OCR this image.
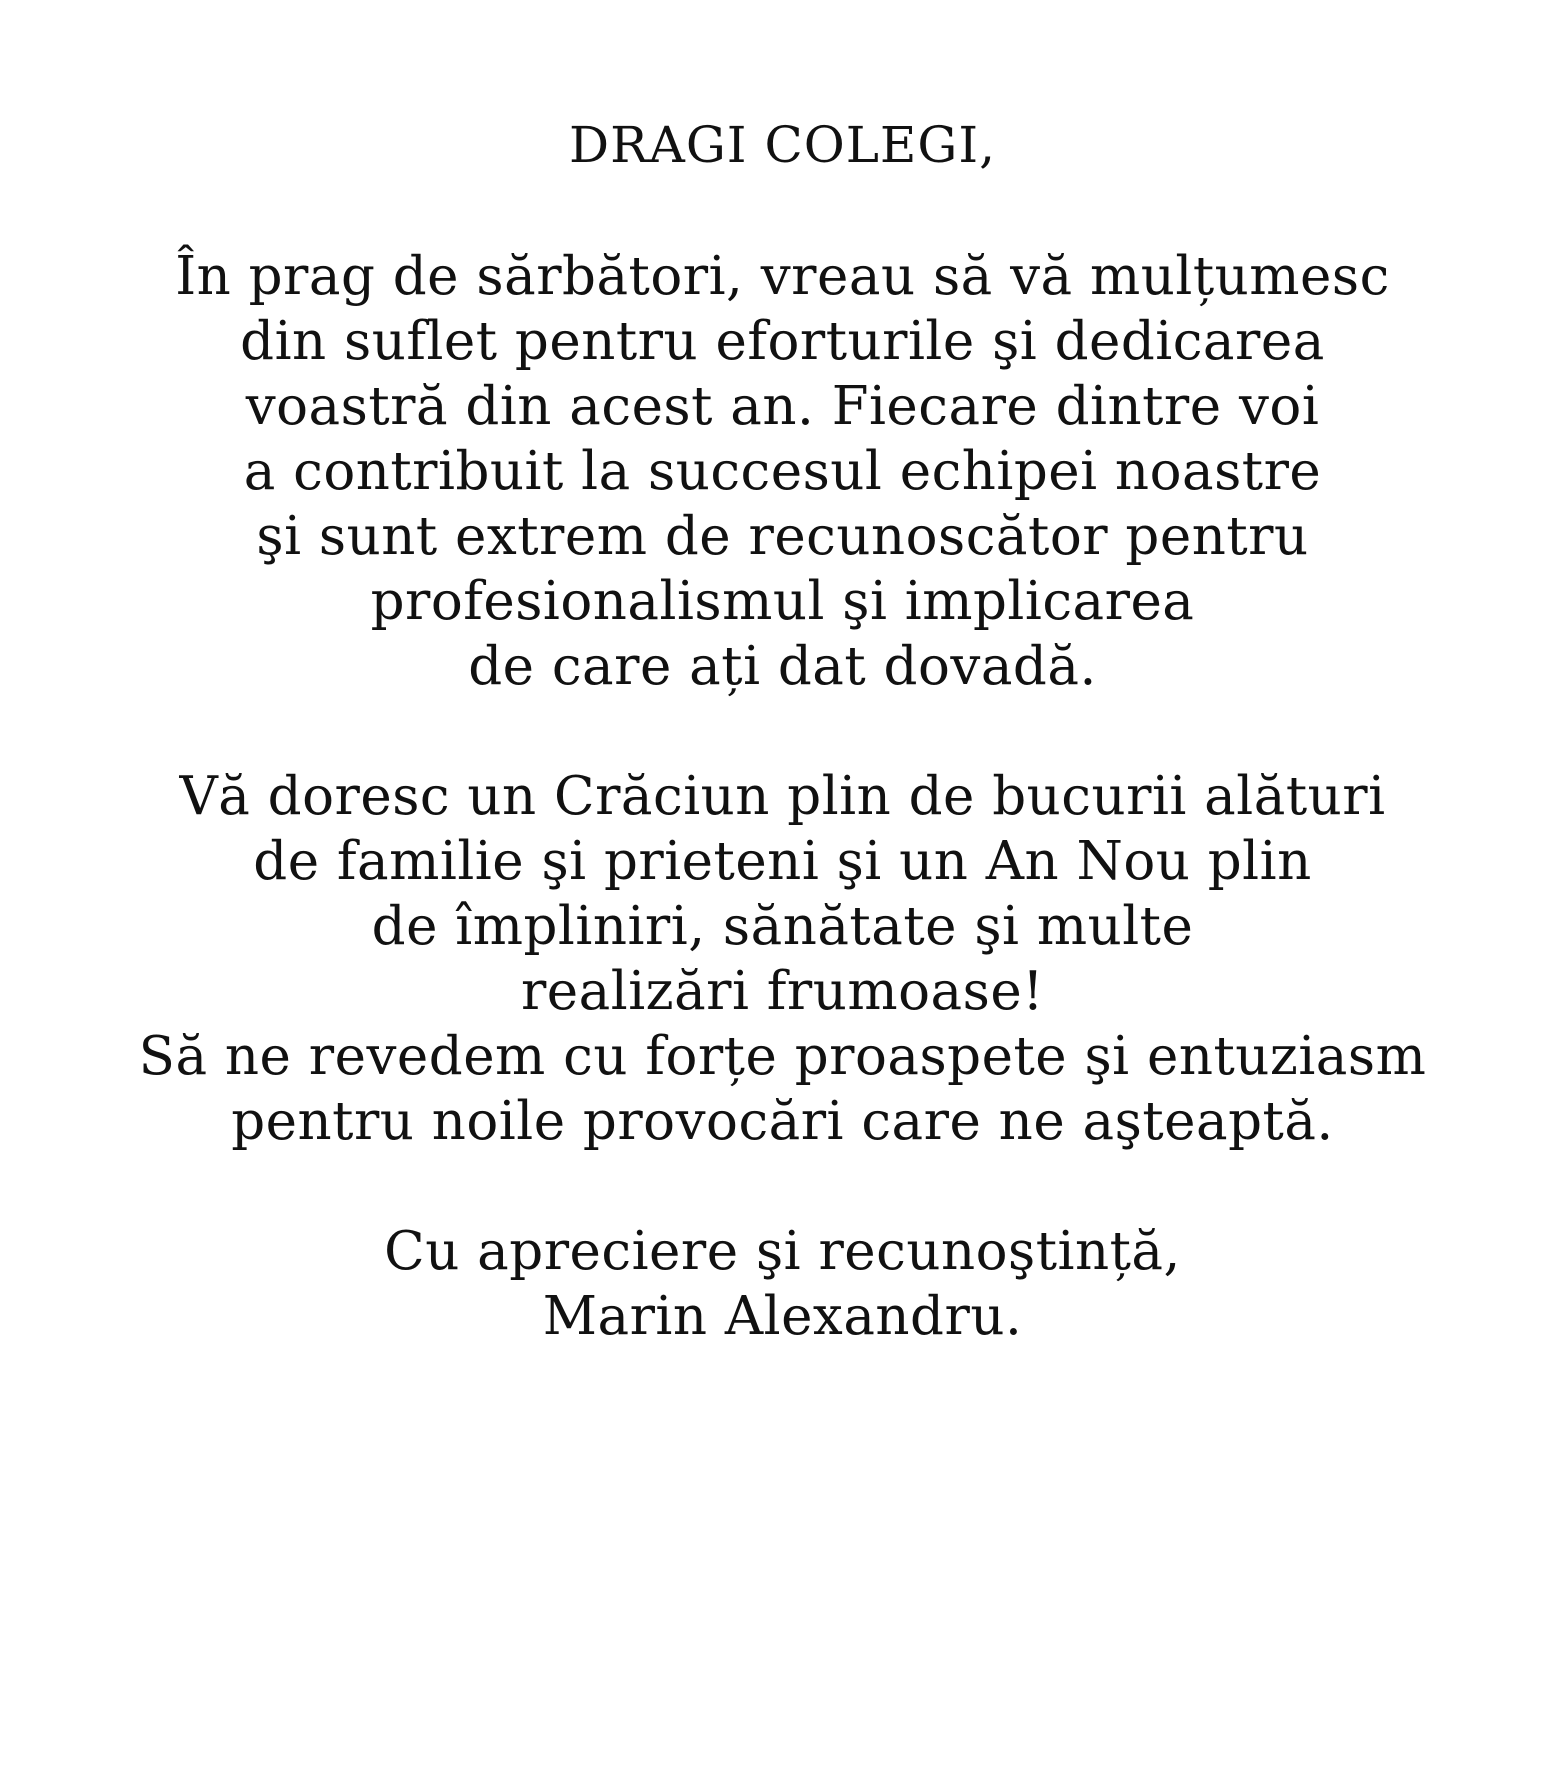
DRAGI COLEGI,
În prag de sărbători, vreau să vă mulțumesc
din suflet pentru eforturile şi dedicarea
voastră din acest an. Fiecare dintre voi
a contribuit la succesul echipei noastre
şi sunt extrem de recunoscător pentru
profesionalismul şi implicarea
de care ați dat dovadă.
Vă doresc un Crăciun plin de bucurii alături
de familie şi prieteni şi un An Nou plin
de împliniri, sănătate şi multe
realizări frumoase!
Să ne revedem cu forțe proaspete şi entuziasm
pentru noile provocări care ne aşteaptă.
Cu apreciere şi recunoştință,
Marin Alexandru.
